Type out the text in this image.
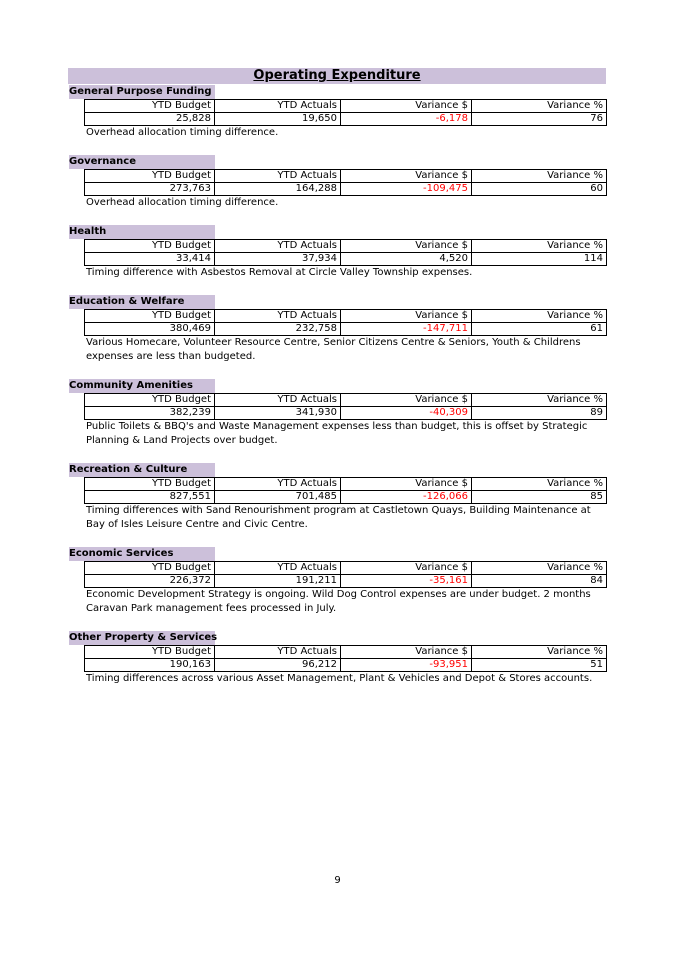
Operating Expenditure
General Purpose Funding
YTD Budget	YTD Actuals	Variance $	Variance %
25,828	19,650	-6,178	76
Overhead allocation timing difference.
Governance
YTD Budget	YTD Actuals	Variance $	Variance %
273,763	164,288	-109,475	60
Overhead allocation timing difference.
Health
YTD Budget	YTD Actuals	Variance $	Variance %
33,414	37,934	4,520	114
Timing difference with Asbestos Removal at Circle Valley Township expenses.
Education & Welfare
YTD Budget	YTD Actuals	Variance $	Variance %
380,469	232,758	-147,711	61
Various Homecare, Volunteer Resource Centre, Senior Citizens Centre & Seniors, Youth & Childrens expenses are less than budgeted.
Community Amenities
YTD Budget	YTD Actuals	Variance $	Variance %
382,239	341,930	-40,309	89
Public Toilets & BBQ's and Waste Management expenses less than budget, this is offset by Strategic Planning & Land Projects over budget.
Recreation & Culture
YTD Budget	YTD Actuals	Variance $	Variance %
827,551	701,485	-126,066	85
Timing differences with Sand Renourishment program at Castletown Quays, Building Maintenance at Bay of Isles Leisure Centre and Civic Centre.
Economic Services
YTD Budget	YTD Actuals	Variance $	Variance %
226,372	191,211	-35,161	84
Economic Development Strategy is ongoing. Wild Dog Control expenses are under budget. 2 months Caravan Park management fees processed in July.
Other Property & Services
YTD Budget	YTD Actuals	Variance $	Variance %
190,163	96,212	-93,951	51
Timing differences across various Asset Management, Plant & Vehicles and Depot & Stores accounts.
9
